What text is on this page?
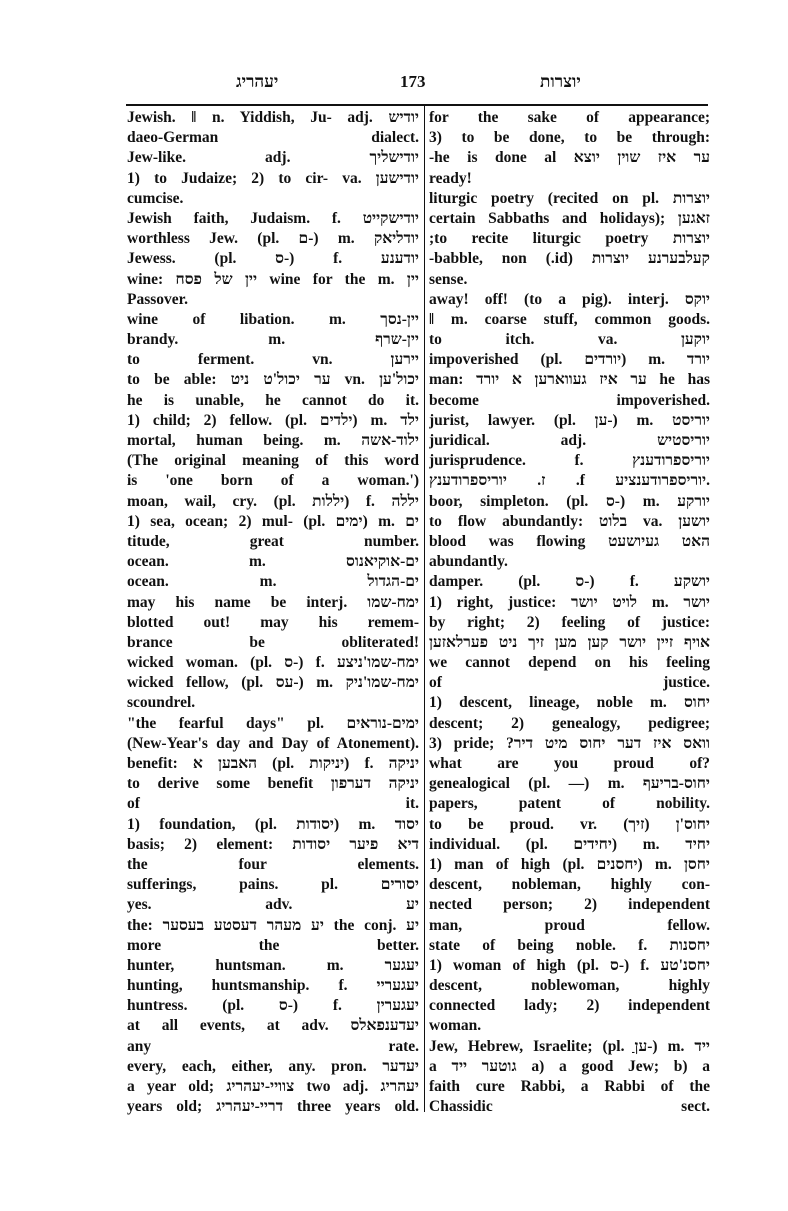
יעהריג	173	יוצרות
Jewish. ‖ n. Yiddish, Ju- adj. יודיש
daeo-German dialect.
Jew-like. adj. יודישליך
1) to Judaize; 2) to cir- va. יודישען
cumcise.
Jewish faith, Judaism. f. יודישקייט
worthless Jew. (pl. ם-) m. יודליאק
Jewess. (pl. ס-) f. יודענע
wine: יין של פסח wine for the m. יין
Passover.
wine of libation. m. יין-נסך
brandy. m. יין-שרף
to ferment. vn. יירען
to be able: ער יכול'ט ניט vn. יכול'ען
he is unable, he cannot do it.
1) child; 2) fellow. (pl. ילדים) m. ילד
mortal, human being. m. ילוד-אשה
(The original meaning of this word
is 'one born of a woman.')
moan, wail, cry. (pl. יללות) f. יללה
1) sea, ocean; 2) mul- (pl. ימים) m. ים
titude, great number.
ocean. m. ים-אוקיאנוס
ocean. m. ים-הגדול
may his name be interj. ימח-שמו
blotted out! may his remem-
brance be obliterated!
wicked woman. (pl. ס-) f. ימח-שמו'ניצע
wicked fellow, (pl. עס-) m. ימח-שמו'ניק
scoundrel.
"the fearful days" pl. ימים-נוראים
(New-Year's day and Day of Atonement).
benefit: האבען א (pl. יניקות) f. יניקה
יניקה דערפון to derive some benefit
of it.
1) foundation, (pl. יסודות) m. יסוד
basis; 2) element: דיא פיער יסודות
the four elements.
sufferings, pains. pl. יסורים
yes. adv. יע
the: יע מעהר דעסטע בעסער the conj. יע
more the better.
hunter, huntsman. m. יעגער
hunting, huntsmanship. f. יעגעריי
huntress. (pl. ס-) f. יעגערין
at all events, at adv. יעדענפאלס
any rate.
every, each, either, any. pron. יעדער
a year old; צוויי-יעהריג two adj. יעהריג
years old; דריי-יעהריג three years old.
for the sake of appearance;
3) to be done, to be through:
ער איז שוין יוצא he is done al-
ready!
liturgic poetry (recited on pl. יוצרות
certain Sabbaths and holidays); זאגען
יוצרות to recite liturgic poetry;
קעלבערנע יוצרות (id.) babble, non-
sense.
away! off! (to a pig). interj. יוקס
‖ m. coarse stuff, common goods.
to itch. va. יוקען
impoverished (pl. יורדים) m. יורד
man: ער איז געווארען א יורד he has
become impoverished.
jurist, lawyer. (pl. ען-) m. יוריסט
juridical. adj. יוריסטיש
jurisprudence. f. יוריספרודענץ
.יוריספרודענציע f. ז. יוריספרודענץ
boor, simpleton. (pl. ס-) m. יורקע
to flow abundantly: בלוט va. יושען
האט געיושעט blood was flowing
abundantly.
damper. (pl. ס-) f. יושקע
1) right, justice: לויט יושר m. יושר
by right; 2) feeling of justice:
אויף זיין יושר קען מען זיך ניט פערלאזען
we cannot depend on his feeling
of justice.
1) descent, lineage, noble m. יחוס
descent; 2) genealogy, pedigree;
3) pride; ?וואס איז דער יחוס מיט דיר
what are you proud of?
genealogical (pl. —) m. יחוס-בריעף
papers, patent of nobility.
to be proud. vr. (זיך) יחוס'ן
individual. (pl. יחידים) m. יחיד
1) man of high (pl. יחסנים) m. יחסן
descent, nobleman, highly con-
nected person; 2) independent
man, proud fellow.
state of being noble. f. יחסנות
1) woman of high (pl. ס-) f. יחסנ'טע
descent, noblewoman, highly
connected lady; 2) independent
woman.
Jew, Hebrew, Israelite; (pl. עןַ-) m. ייד
a גוטער ייד a) a good Jew; b) a
faith cure Rabbi, a Rabbi of the
Chassidic sect.
